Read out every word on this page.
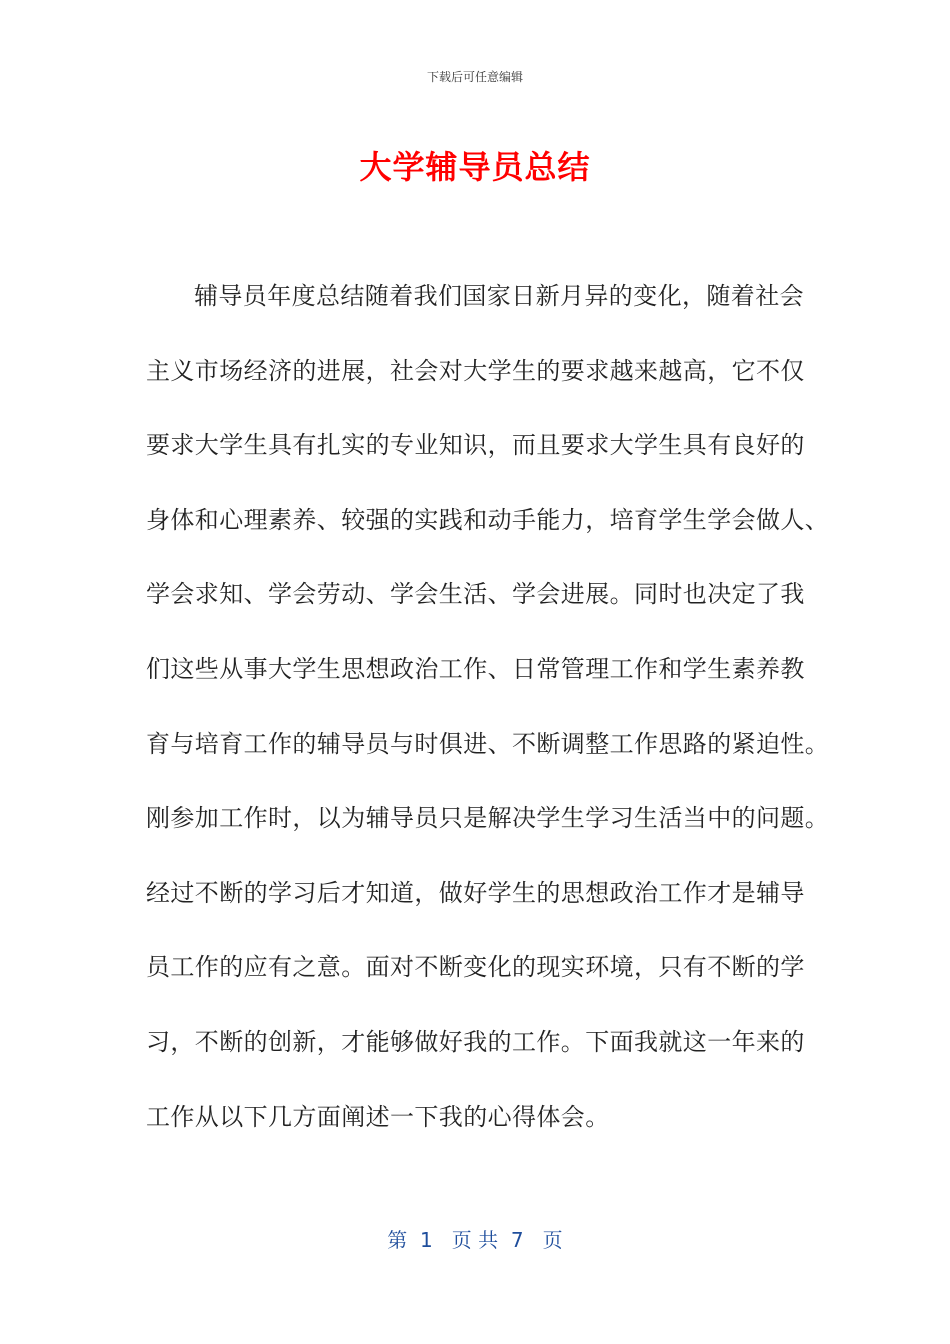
下载后可任意编辑
大学辅导员总结
辅导员年度总结随着我们国家日新月异的变化，随着社会
主义市场经济的进展，社会对大学生的要求越来越高，它不仅
要求大学生具有扎实的专业知识，而且要求大学生具有良好的
身体和心理素养、较强的实践和动手能力，培育学生学会做人、
学会求知、学会劳动、学会生活、学会进展。同时也决定了我
们这些从事大学生思想政治工作、日常管理工作和学生素养教
育与培育工作的辅导员与时俱进、不断调整工作思路的紧迫性。
刚参加工作时，以为辅导员只是解决学生学习生活当中的问题。
经过不断的学习后才知道，做好学生的思想政治工作才是辅导
员工作的应有之意。面对不断变化的现实环境，只有不断的学
习，不断的创新，才能够做好我的工作。下面我就这一年来的
工作从以下几方面阐述一下我的心得体会。
第  1   页 共  7   页
